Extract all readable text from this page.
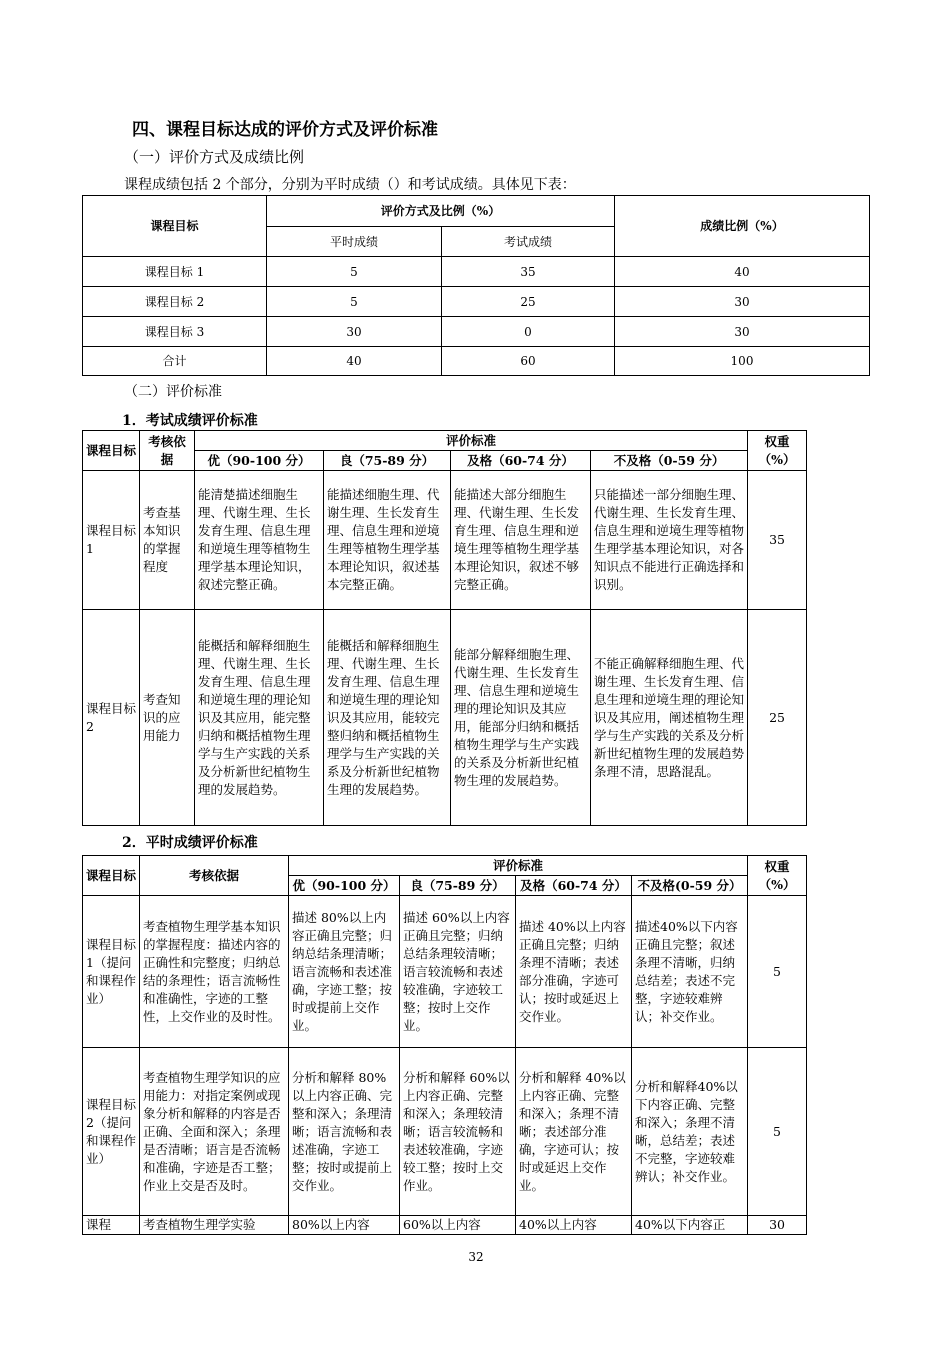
四、课程目标达成的评价方式及评价标准
（一）评价方式及成绩比例
课程成绩包括 2 个部分，分别为平时成绩（）和考试成绩。具体见下表：
课程目标	评价方式及比例（%）		成绩比例（%）
	平时成绩	考试成绩	
课程目标 1	5	35	40
课程目标 2	5	25	30
课程目标 3	30	0	30
合计	40	60	100
（二）评价标准
1．考试成绩评价标准
课程目标	考核依据	评价标准				权重（%）
		优（90-100 分）	良（75-89 分）	及格（60-74 分）	不及格（0-59 分）	
课程目标 1	考查基本知识的掌握程度	能清楚描述细胞生理、代谢生理、生长发育生理、信息生理和逆境生理等植物生理学基本理论知识，叙述完整正确。	能描述细胞生理、代谢生理、生长发育生理、信息生理和逆境生理等植物生理学基本理论知识，叙述基本完整正确。	能描述大部分细胞生理、代谢生理、生长发育生理、信息生理和逆境生理等植物生理学基本理论知识，叙述不够完整正确。	只能描述一部分细胞生理、代谢生理、生长发育生理、信息生理和逆境生理等植物生理学基本理论知识，对各知识点不能进行正确选择和识别。	35
课程目标 2	考查知识的应用能力	能概括和解释细胞生理、代谢生理、生长发育生理、信息生理和逆境生理的理论知识及其应用，能完整归纳和概括植物生理学与生产实践的关系及分析新世纪植物生理的发展趋势。	能概括和解释细胞生理、代谢生理、生长发育生理、信息生理和逆境生理的理论知识及其应用，能较完整归纳和概括植物生理学与生产实践的关系及分析新世纪植物生理的发展趋势。	能部分解释细胞生理、代谢生理、生长发育生理、信息生理和逆境生理的理论知识及其应用，能部分归纳和概括植物生理学与生产实践的关系及分析新世纪植物生理的发展趋势。	不能正确解释细胞生理、代谢生理、生长发育生理、信息生理和逆境生理的理论知识及其应用，阐述植物生理学与生产实践的关系及分析新世纪植物生理的发展趋势条理不清，思路混乱。	25
2．平时成绩评价标准
课程目标	考核依据	评价标准				权重（%）
		优（90-100 分）	良（75-89 分）	及格（60-74 分）	不及格(0-59 分）	
课程目标 1（提问和课程作业）	考查植物生理学基本知识的掌握程度：描述内容的正确性和完整度；归纳总结的条理性；语言流畅性和准确性，字迹的工整性，上交作业的及时性。	描述 80%以上内容正确且完整；归纳总结条理清晰；语言流畅和表述准确，字迹工整；按时或提前上交作业。	描述 60%以上内容正确且完整；归纳总结条理较清晰；语言较流畅和表述较准确，字迹较工整；按时上交作业。	描述 40%以上内容正确且完整；归纳条理不清晰；表述部分准确，字迹可认；按时或延迟上交作业。	描述40%以下内容正确且完整；叙述条理不清晰，归纳总结差；表述不完整，字迹较难辨认；补交作业。	5
课程目标 2（提问和课程作业）	考查植物生理学知识的应用能力：对指定案例或现象分析和解释的内容是否正确、全面和深入；条理是否清晰；语言是否流畅和准确，字迹是否工整；作业上交是否及时。	分析和解释 80%以上内容正确、完整和深入；条理清晰；语言流畅和表述准确，字迹工整；按时或提前上交作业。	分析和解释 60%以上内容正确、完整和深入；条理较清晰；语言较流畅和表述较准确，字迹较工整；按时上交作业。	分析和解释 40%以上内容正确、完整和深入；条理不清晰；表述部分准确，字迹可认；按时或延迟上交作业。	分析和解释40%以下内容正确、完整和深入；条理不清晰，总结差；表述不完整，字迹较难辨认；补交作业。	5
课程	考查植物生理学实验	80%以上内容	60%以上内容	40%以上内容	40%以下内容正	30
32
